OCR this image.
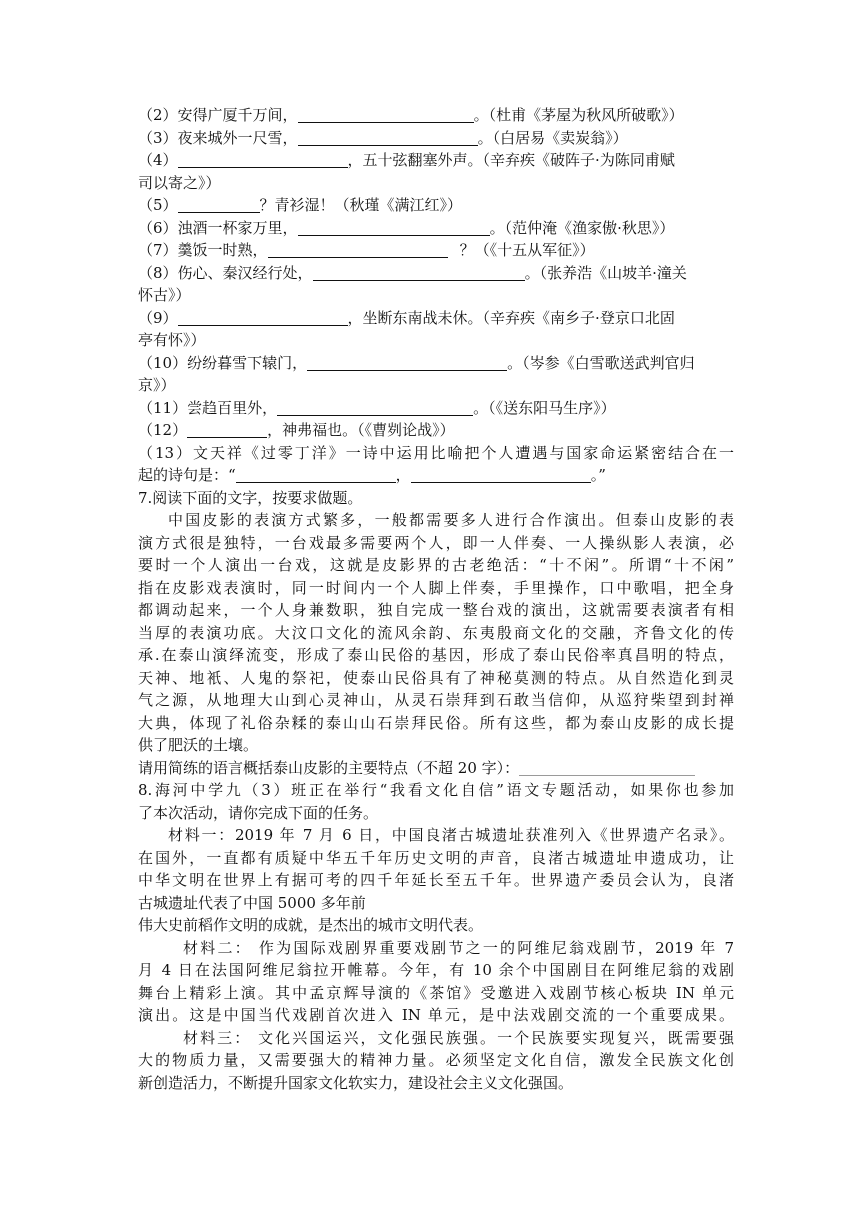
（2）安得广厦千万间，	。（杜甫《茅屋为秋风所破歌》）
（3）夜来城外一尺雪，	。（白居易《卖炭翁》）
（4）	，五十弦翻塞外声。（辛弃疾《破阵子·为陈同甫赋
司以寄之》）
（5）	？青衫湿！（秋瑾《满江红》）
（6）浊酒一杯家万里，	。（范仲淹《渔家傲·秋思》）
（7）羹饭一时熟，	？（《十五从军征》）
（8）伤心、秦汉经行处，	。（张养浩《山坡羊·潼关
怀古》）
（9）	，坐断东南战未休。（辛弃疾《南乡子·登京口北固
亭有怀》）
（10）纷纷暮雪下辕门，	。（岑参《白雪歌送武判官归
京》）
（11）尝趋百里外，	。（《送东阳马生序》）
（12）	，神弗福也。（《曹刿论战》）
（13）文天祥《过零丁洋》一诗中运用比喻把个人遭遇与国家命运紧密结合在一
起的诗句是：“	，	。”
7.阅读下面的文字，按要求做题。
中国皮影的表演方式繁多，一般都需要多人进行合作演出。但泰山皮影的表
演方式很是独特，一台戏最多需要两个人，即一人伴奏、一人操纵影人表演，必
要时一个人演出一台戏，这就是皮影界的古老绝活：“十不闲”。所谓“十不闲”
指在皮影戏表演时，同一时间内一个人脚上伴奏，手里操作，口中歌唱，把全身
都调动起来，一个人身兼数职，独自完成一整台戏的演出，这就需要表演者有相
当厚的表演功底。大汶口文化的流风余韵、东夷殷商文化的交融，齐鲁文化的传
承.在泰山演绎流变，形成了泰山民俗的基因，形成了泰山民俗率真昌明的特点，
天神、地衹、人鬼的祭祀，使泰山民俗具有了神秘莫测的特点。从自然造化到灵
气之源，从地理大山到心灵神山，从灵石崇拜到石敢当信仰，从巡狩柴望到封禅
大典，体现了礼俗杂糅的泰山山石崇拜民俗。所有这些，都为泰山皮影的成长提
供了肥沃的土壤。
请用简练的语言概括泰山皮影的主要特点（不超 20 字）：
8.海河中学九（3）班正在举行“我看文化自信”语文专题活动，如果你也参加
了本次活动，请你完成下面的任务。
材料一：2019 年 7 月 6 日，中国良渚古城遗址获准列入《世界遗产名录》。
在国外，一直都有质疑中华五千年历史文明的声音，良渚古城遗址申遗成功，让
中华文明在世界上有据可考的四千年延长至五千年。世界遗产委员会认为，良渚
古城遗址代表了中国 5000 多年前
伟大史前稻作文明的成就，是杰出的城市文明代表。
材料二： 作为国际戏剧界重要戏剧节之一的阿维尼翁戏剧节，2019 年 7
月 4 日在法国阿维尼翁拉开帷幕。今年，有 10 余个中国剧目在阿维尼翁的戏剧
舞台上精彩上演。其中孟京辉导演的《茶馆》受邀进入戏剧节核心板块 IN 单元
演出。这是中国当代戏剧首次进入 IN 单元，是中法戏剧交流的一个重要成果。
材料三： 文化兴国运兴，文化强民族强。一个民族要实现复兴，既需要强
大的物质力量，又需要强大的精神力量。必须坚定文化自信，激发全民族文化创
新创造活力，不断提升国家文化软实力，建设社会主义文化强国。
